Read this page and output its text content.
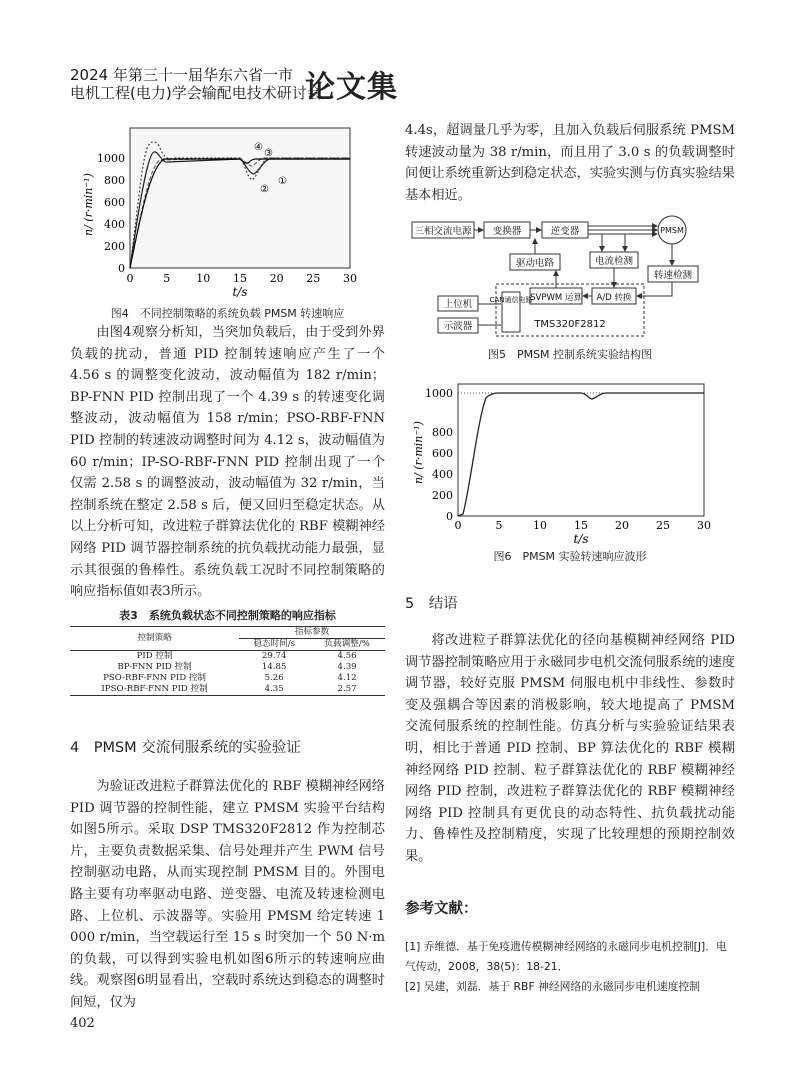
2024 年第三十一届华东六省一市
电机工程(电力)学会输配电技术研讨会
论文集
0
200
400
600
800
1000
0	5 10 15 20 25 30
t/s
n/ (r·min⁻¹)
④
③
①
②
图4　不同控制策略的系统负载 PMSM 转速响应

由图4观察分析知，当突加负载后，由于受到外界负载的扰动，普通 PID 控制转速响应产生了一个 4.56 s 的调整变化波动，波动幅值为 182 r/min；BP-FNN PID 控制出现了一个 4.39 s 的转速变化调整波动，波动幅值为 158 r/min；PSO-RBF-FNN PID 控制的转速波动调整时间为 4.12 s，波动幅值为 60 r/min；IP-SO-RBF-FNN PID 控制出现了一个仅需 2.58 s 的调整波动，波动幅值为 32 r/min，当控制系统在整定 2.58 s 后，便又回归至稳定状态。从以上分析可知，改进粒子群算法优化的 RBF 模糊神经网络 PID 调节器控制系统的抗负载扰动能力最强，显示其很强的鲁棒性。系统负载工况时不同控制策略的响应指标值如表3所示。

表3　系统负载状态不同控制策略的响应指标
控制策略	指标参数	
	稳态时间/s	负载调整/%
PID 控制	29.74	4.56
BP-FNN PID 控制	14.85	4.39
PSO-RBF-FNN PID 控制	5.26	4.12
IPSO-RBF-FNN PID 控制	4.35	2.57
4　PMSM 交流伺服系统的实验验证

为验证改进粒子群算法优化的 RBF 模糊神经网络 PID 调节器的控制性能，建立 PMSM 实验平台结构如图5所示。采取 DSP TMS320F2812 作为控制芯片，主要负责数据采集、信号处理并产生 PWM 信号控制驱动电路，从而实现控制 PMSM 目的。外围电路主要有功率驱动电路、逆变器、电流及转速检测电路、上位机、示波器等。实验用 PMSM 给定转速 1 000 r/min，当空载运行至 15 s 时突加一个 50 N·m 的负载，可以得到实验电机如图6所示的转速响应曲线。观察图6明显看出，空载时系统达到稳态的调整时间短，仅为

4.4s，超调量几乎为零，且加入负载后伺服系统 PMSM 转速波动量为 38 r/min，而且用了 3.0 s 的负载调整时间便让系统重新达到稳定状态，实验实测与仿真实验结果基本相近。

三相交流电源 变换器	逆变器	PMSM
驱动电路	电流检测
转速检测
SVPWM 运算 A/D 转换
上位机
示波器
CAN通信电路
TMS320F2812
图5　PMSM 控制系统实验结构图
0
200
400
600
800
1000
0	5	10 15 20 25 30
t/s
n/ (r·min⁻¹)
图6　PMSM 实验转速响应波形
5　结语

将改进粒子群算法优化的径向基模糊神经网络 PID 调节器控制策略应用于永磁同步电机交流伺服系统的速度调节器，较好克服 PMSM 伺服电机中非线性、参数时变及强耦合等因素的消极影响，较大地提高了 PMSM 交流伺服系统的控制性能。仿真分析与实验验证结果表明，相比于普通 PID 控制、BP 算法优化的 RBF 模糊神经网络 PID 控制、粒子群算法优化的 RBF 模糊神经网络 PID 控制，改进粒子群算法优化的 RBF 模糊神经网络 PID 控制具有更优良的动态特性、抗负载扰动能力、鲁棒性及控制精度，实现了比较理想的预期控制效果。

参考文献：

[1] 乔维德．基于免疫遗传模糊神经网络的永磁同步电机控制[J]．电气传动，2008，38(5)：18-21．

[2] 吴建，刘磊．基于 RBF 神经网络的永磁同步电机速度控制

402
